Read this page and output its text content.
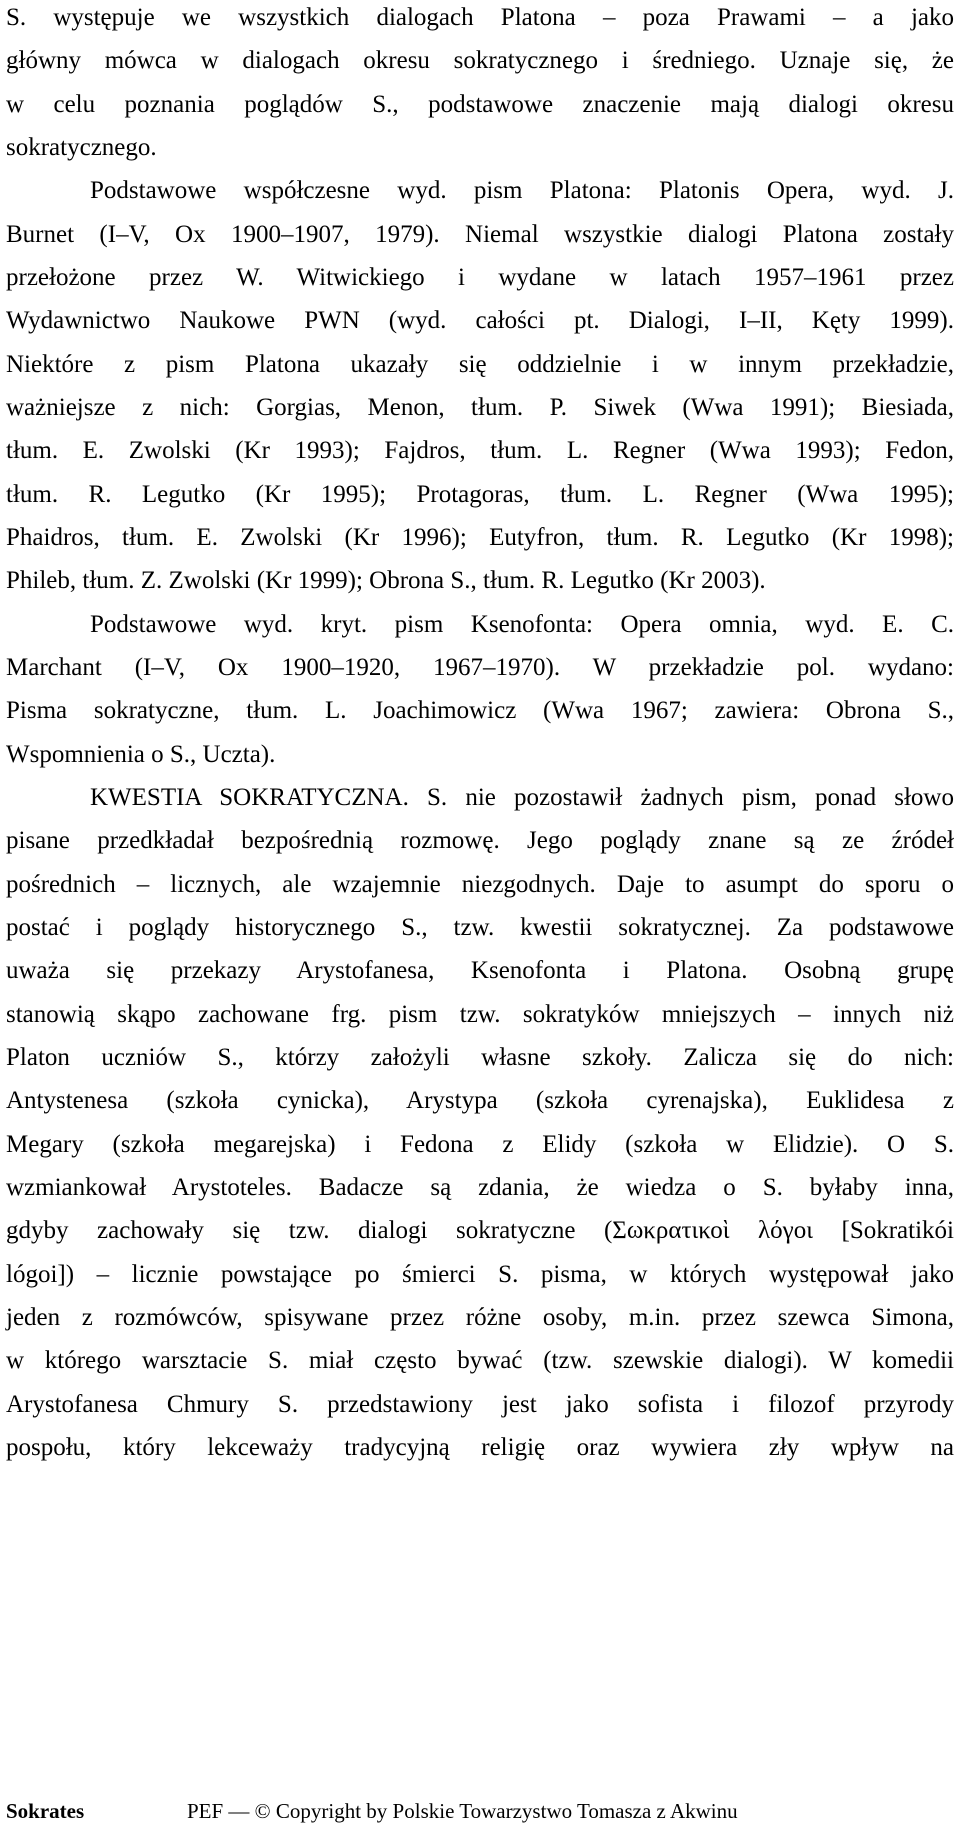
S. występuje we wszystkich dialogach Platona – poza Prawami – a jako
główny mówca w dialogach okresu sokratycznego i średniego. Uznaje się, że
w celu poznania poglądów S., podstawowe znaczenie mają dialogi okresu
sokratycznego.
Podstawowe współczesne wyd. pism Platona: Platonis Opera, wyd. J.
Burnet (I–V, Ox 1900–1907, 1979). Niemal wszystkie dialogi Platona zostały
przełożone przez W. Witwickiego i wydane w latach 1957–1961 przez
Wydawnictwo Naukowe PWN (wyd. całości pt. Dialogi, I–II, Kęty 1999).
Niektóre z pism Platona ukazały się oddzielnie i w innym przekładzie,
ważniejsze z nich: Gorgias, Menon, tłum. P. Siwek (Wwa 1991); Biesiada,
tłum. E. Zwolski (Kr 1993); Fajdros, tłum. L. Regner (Wwa 1993); Fedon,
tłum. R. Legutko (Kr 1995); Protagoras, tłum. L. Regner (Wwa 1995);
Phaidros, tłum. E. Zwolski (Kr 1996); Eutyfron, tłum. R. Legutko (Kr 1998);
Phileb, tłum. Z. Zwolski (Kr 1999); Obrona S., tłum. R. Legutko (Kr 2003).
Podstawowe wyd. kryt. pism Ksenofonta: Opera omnia, wyd. E. C.
Marchant (I–V, Ox 1900–1920, 1967–1970). W przekładzie pol. wydano:
Pisma sokratyczne, tłum. L. Joachimowicz (Wwa 1967; zawiera: Obrona S.,
Wspomnienia o S., Uczta).
KWESTIA SOKRATYCZNA. S. nie pozostawił żadnych pism, ponad słowo
pisane przedkładał bezpośrednią rozmowę. Jego poglądy znane są ze źródeł
pośrednich – licznych, ale wzajemnie niezgodnych. Daje to asumpt do sporu o
postać i poglądy historycznego S., tzw. kwestii sokratycznej. Za podstawowe
uważa się przekazy Arystofanesa, Ksenofonta i Platona. Osobną grupę
stanowią skąpo zachowane frg. pism tzw. sokratyków mniejszych – innych niż
Platon uczniów S., którzy założyli własne szkoły. Zalicza się do nich:
Antystenesa (szkoła cynicka), Arystypa (szkoła cyrenajska), Euklidesa z
Megary (szkoła megarejska) i Fedona z Elidy (szkoła w Elidzie). O S.
wzmiankował Arystoteles. Badacze są zdania, że wiedza o S. byłaby inna,
gdyby zachowały się tzw. dialogi sokratyczne (Σωκρατικοὶ λόγοι [Sokratikói
lógoi]) – licznie powstające po śmierci S. pisma, w których występował jako
jeden z rozmówców, spisywane przez różne osoby, m.in. przez szewca Simona,
w którego warsztacie S. miał często bywać (tzw. szewskie dialogi). W komedii
Arystofanesa Chmury S. przedstawiony jest jako sofista i filozof przyrody
pospołu, który lekceważy tradycyjną religię oraz wywiera zły wpływ na
Sokrates	PEF — © Copyright by Polskie Towarzystwo Tomasza z Akwinu
